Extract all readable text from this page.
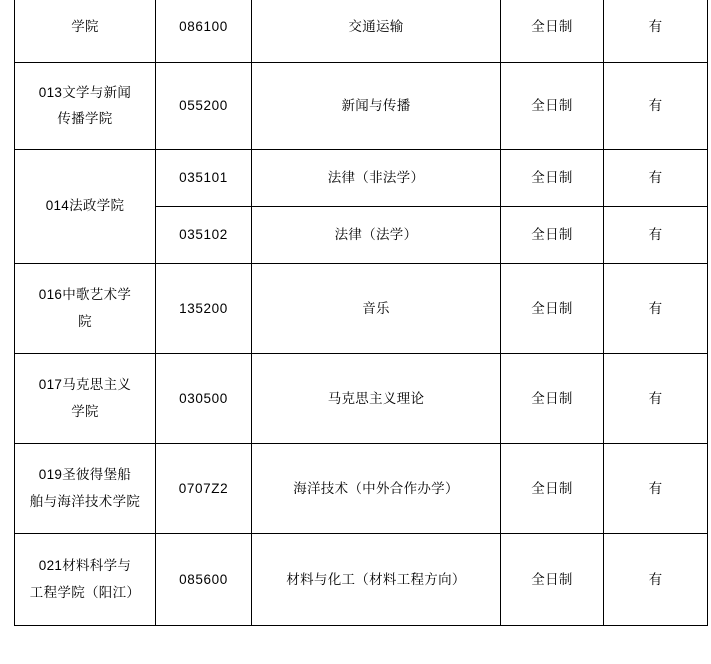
学院	086100	交通运输	全日制	有

013文学与新闻
传播学院	055200	新闻与传播	全日制	有

014法政学院	035101	法律（非法学）	全日制	有
	035102	法律（法学）	全日制	有

016中歌艺术学
院	135200	音乐	全日制	有

017马克思主义
学院	030500	马克思主义理论	全日制	有

019圣彼得堡船
舶与海洋技术学院	0707Z2	海洋技术（中外合作办学）	全日制	有

021材料科学与
工程学院（阳江）	085600	材料与化工（材料工程方向）	全日制	有
